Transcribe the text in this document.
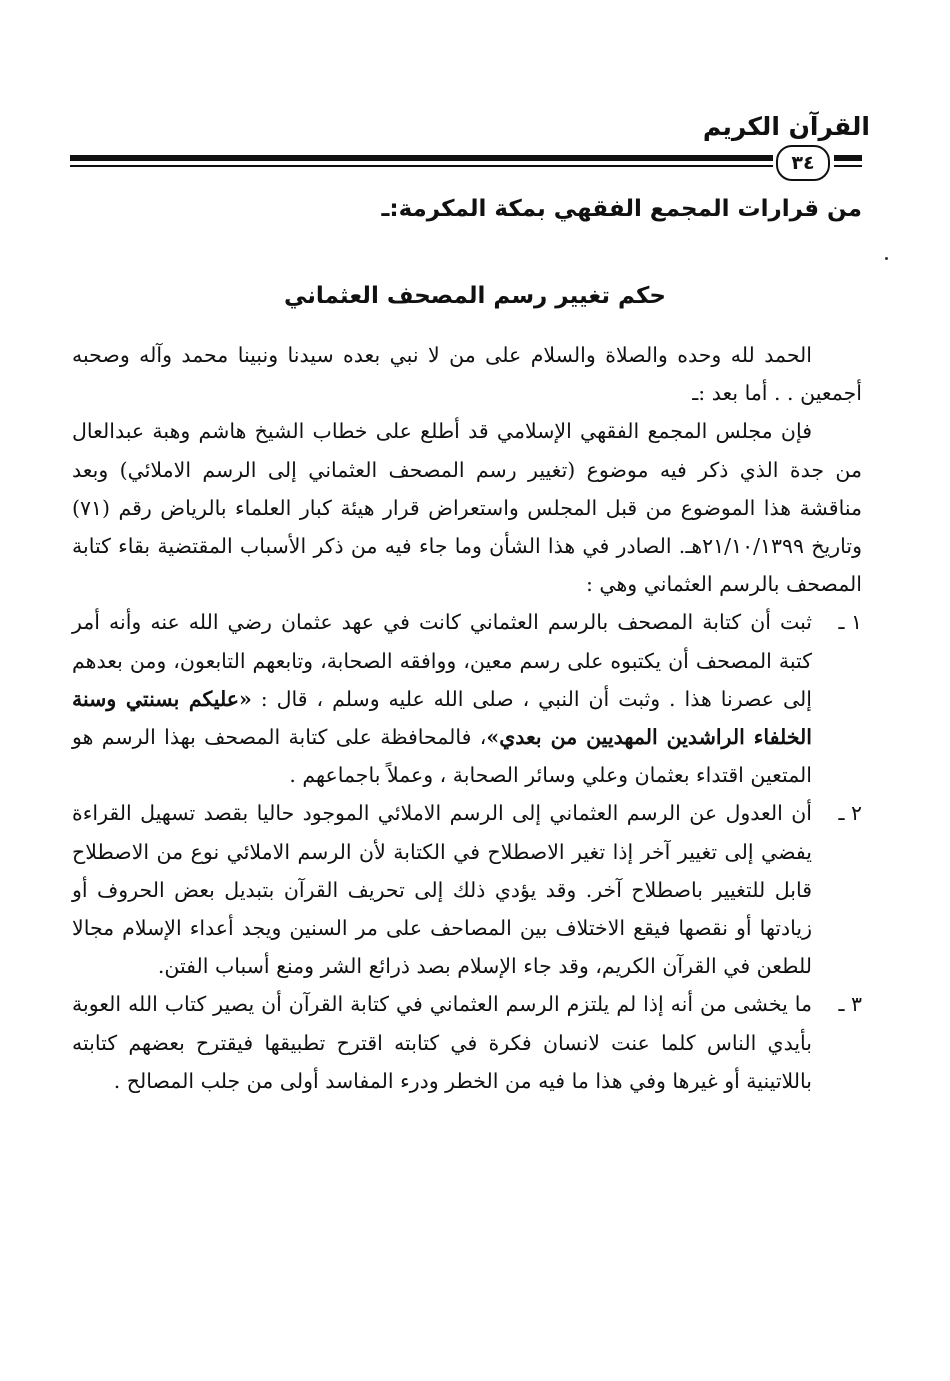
القرآن الكريم
٣٤
من قرارات المجمع الفقهي بمكة المكرمة:ـ
حكم تغيير رسم المصحف العثماني

الحمد لله وحده والصلاة والسلام على من لا نبي بعده سيدنا ونبينا محمد وآله وصحبه أجمعين . . أما بعد :ـ

فإن مجلس المجمع الفقهي الإسلامي قد أطلع على خطاب الشيخ هاشم وهبة عبدالعال من جدة الذي ذكر فيه موضوع (تغيير رسم المصحف العثماني إلى الرسم الاملائي) وبعد مناقشة هذا الموضوع من قبل المجلس واستعراض قرار هيئة كبار العلماء بالرياض رقم (٧١) وتاريخ ٢١/١٠/١٣٩٩هـ. الصادر في هذا الشأن وما جاء فيه من ذكر الأسباب المقتضية بقاء كتابة المصحف بالرسم العثماني وهي :

١ ـ
ثبت أن كتابة المصحف بالرسم العثماني كانت في عهد عثمان رضي الله عنه وأنه أمر كتبة المصحف أن يكتبوه على رسم معين، ووافقه الصحابة، وتابعهم التابعون، ومن بعدهم إلى عصرنا هذا . وثبت أن النبي ، صلى الله عليه وسلم ، قال : «عليكم بسنتي وسنة الخلفاء الراشدين المهديين من بعدي»، فالمحافظة على كتابة المصحف بهذا الرسم هو المتعين اقتداء بعثمان وعلي وسائر الصحابة ، وعملاً باجماعهم .
٢ ـ
أن العدول عن الرسم العثماني إلى الرسم الاملائي الموجود حاليا بقصد تسهيل القراءة يفضي إلى تغيير آخر إذا تغير الاصطلاح في الكتابة لأن الرسم الاملائي نوع من الاصطلاح قابل للتغيير باصطلاح آخر. وقد يؤدي ذلك إلى تحريف القرآن بتبديل بعض الحروف أو زيادتها أو نقصها فيقع الاختلاف بين المصاحف على مر السنين ويجد أعداء الإسلام مجالا للطعن في القرآن الكريم، وقد جاء الإسلام بصد ذرائع الشر ومنع أسباب الفتن.
٣ ـ
ما يخشى من أنه إذا لم يلتزم الرسم العثماني في كتابة القرآن أن يصير كتاب الله العوبة بأيدي الناس كلما عنت لانسان فكرة في كتابته اقترح تطبيقها فيقترح بعضهم كتابته باللاتينية أو غيرها وفي هذا ما فيه من الخطر ودرء المفاسد أولى من جلب المصالح .
